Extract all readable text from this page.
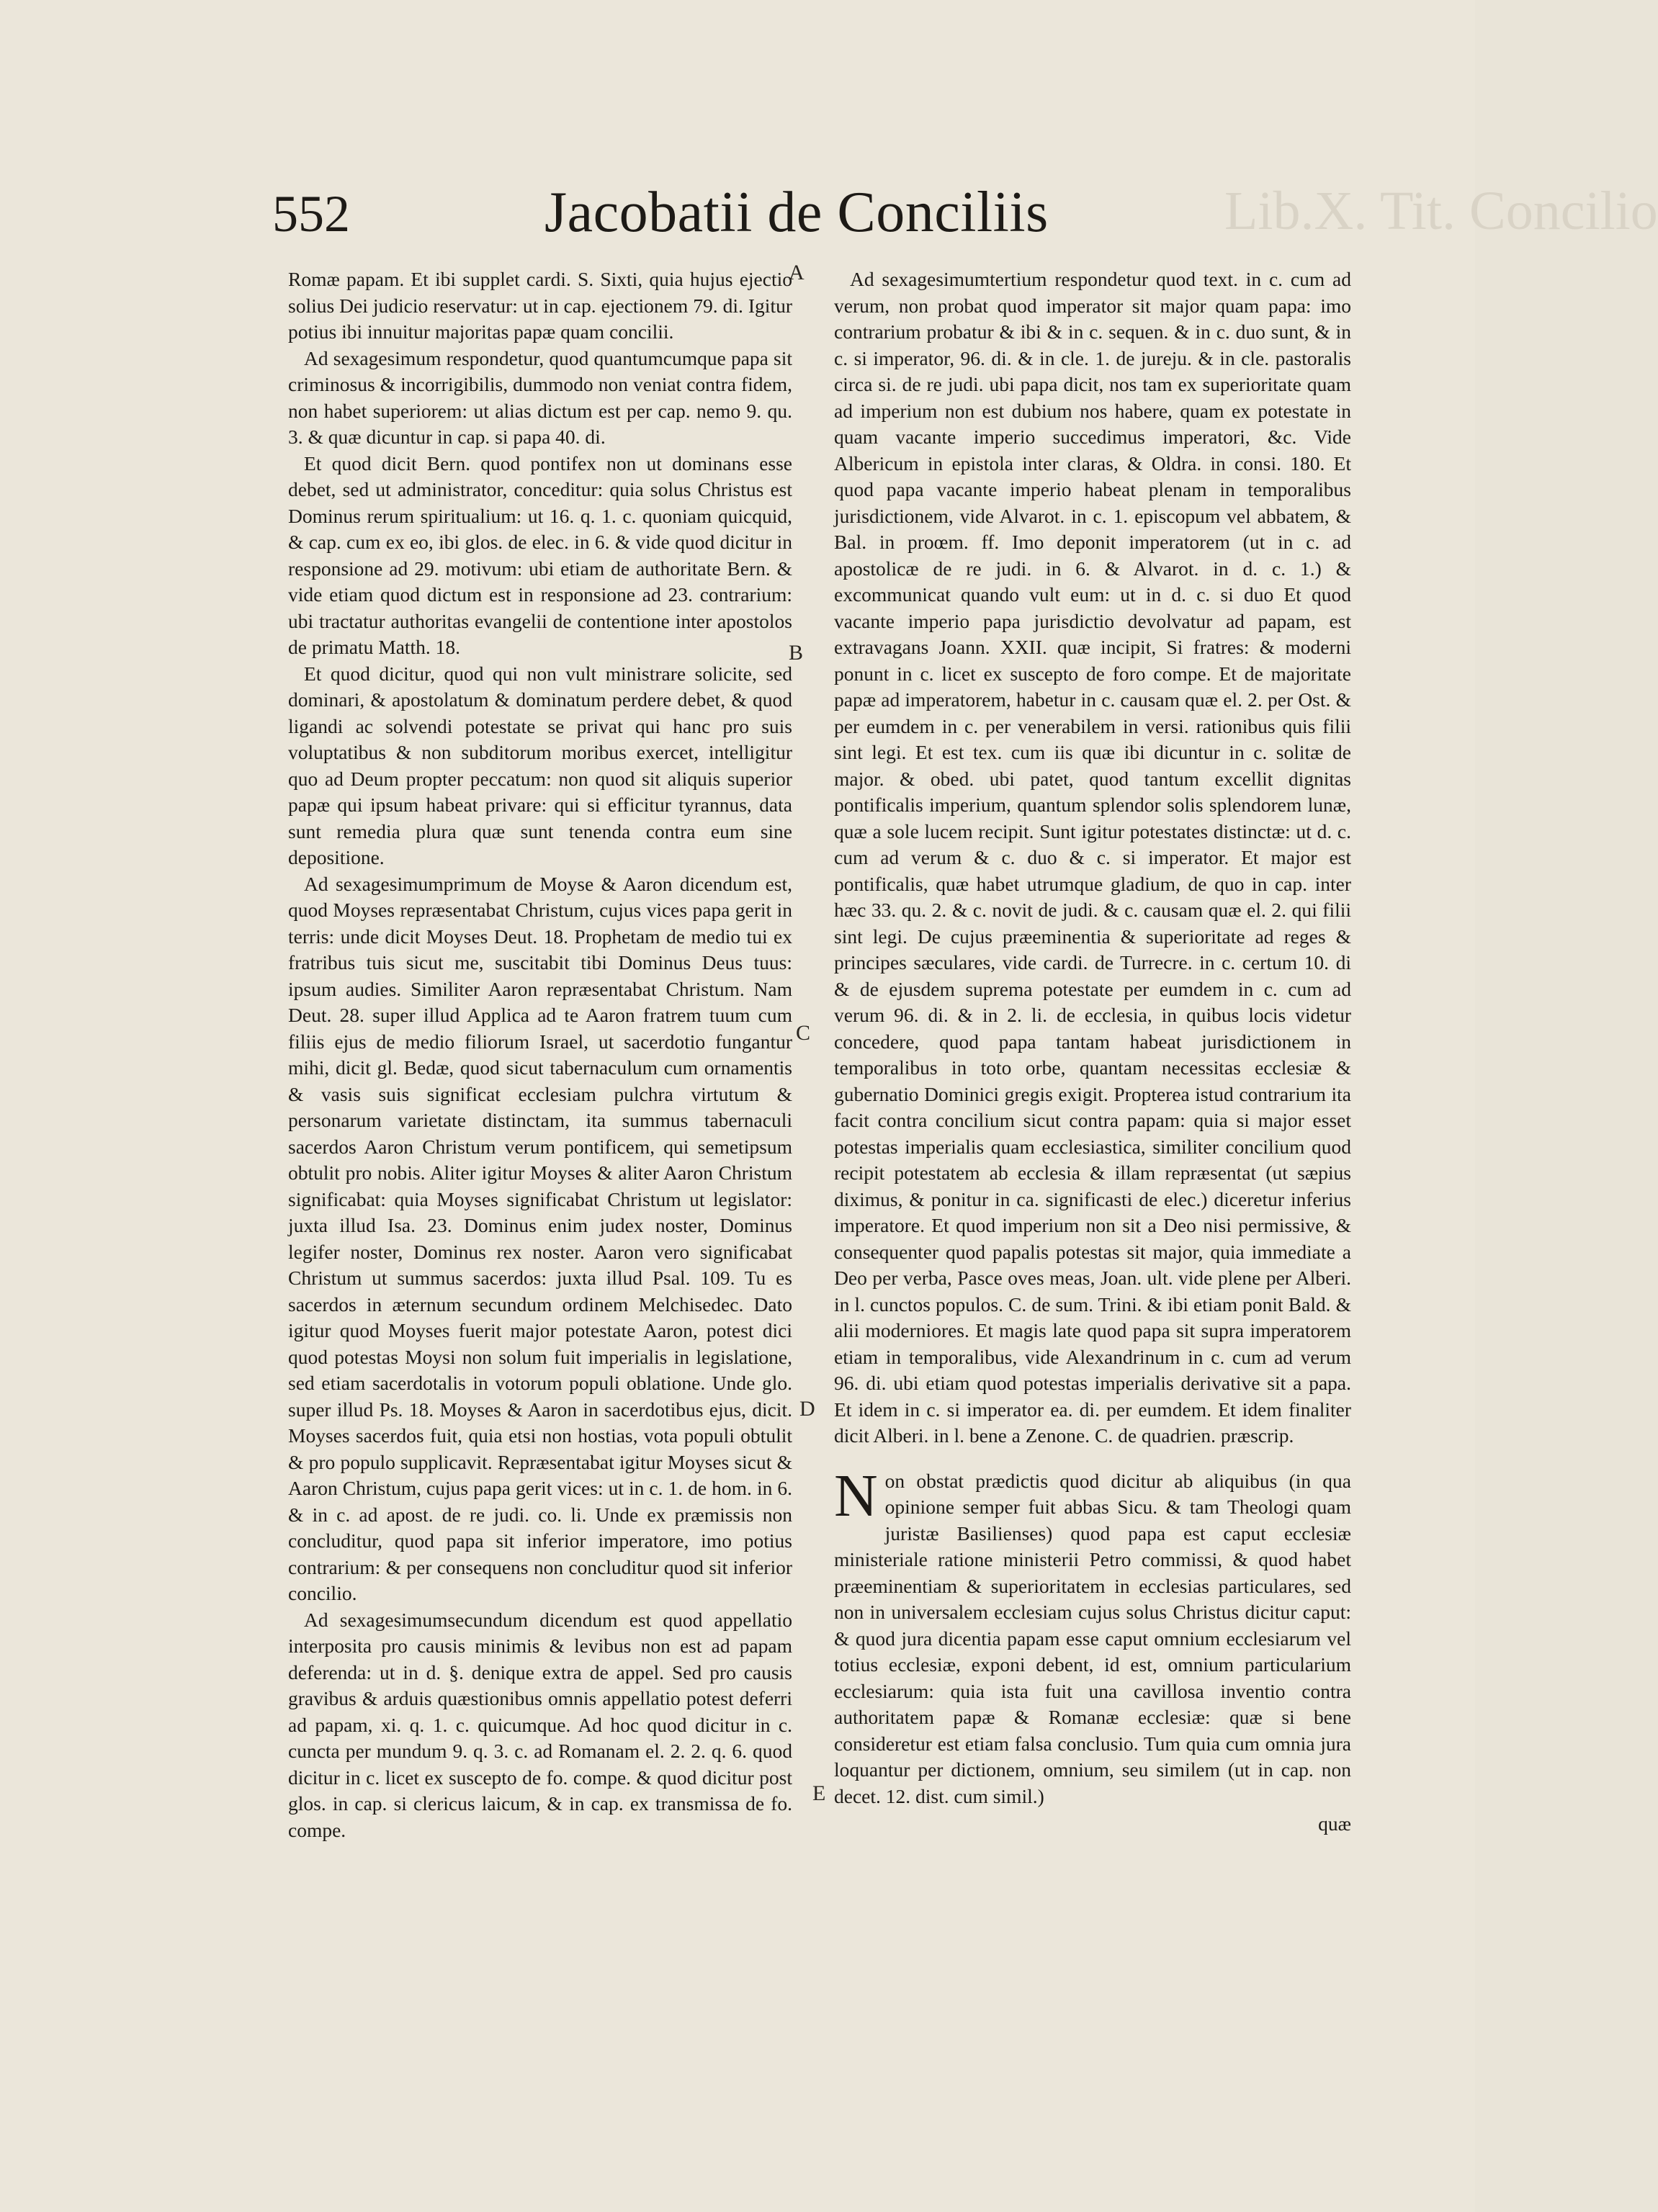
Lib.X. Tit. Concilio
552	Jacobatii de Conciliis

Romæ papam. Et ibi supplet cardi. S. Sixti, quia hujus ejectio solius Dei judicio reservatur: ut in cap. ejectionem 79. di. Igitur potius ibi innuitur majoritas papæ quam concilii.

Ad sexagesimum respondetur, quod quantumcumque papa sit criminosus & incorrigibilis, dummodo non veniat contra fidem, non habet superiorem: ut alias dictum est per cap. nemo 9. qu. 3. & quæ dicuntur in cap. si papa 40. di.

Et quod dicit Bern. quod pontifex non ut dominans esse debet, sed ut administrator, conceditur: quia solus Christus est Dominus rerum spiritualium: ut 16. q. 1. c. quoniam quicquid, & cap. cum ex eo, ibi glos. de elec. in 6. & vide quod dicitur in responsione ad 29. motivum: ubi etiam de authoritate Bern. & vide etiam quod dictum est in responsione ad 23. contrarium: ubi tractatur authoritas evangelii de contentione inter apostolos de primatu Matth. 18.

Et quod dicitur, quod qui non vult ministrare solicite, sed dominari, & apostolatum & dominatum perdere debet, & quod ligandi ac solvendi potestate se privat qui hanc pro suis voluptatibus & non subditorum moribus exercet, intelligitur quo ad Deum propter peccatum: non quod sit aliquis superior papæ qui ipsum habeat privare: qui si efficitur tyrannus, data sunt remedia plura quæ sunt tenenda contra eum sine depositione.

Ad sexagesimumprimum de Moyse & Aaron dicendum est, quod Moyses repræsentabat Christum, cujus vices papa gerit in terris: unde dicit Moyses Deut. 18. Prophetam de medio tui ex fratribus tuis sicut me, suscitabit tibi Dominus Deus tuus: ipsum audies. Similiter Aaron repræsentabat Christum. Nam Deut. 28. super illud Applica ad te Aaron fratrem tuum cum filiis ejus de medio filiorum Israel, ut sacerdotio fungantur mihi, dicit gl. Bedæ, quod sicut tabernaculum cum ornamentis & vasis suis significat ecclesiam pulchra virtutum & personarum varietate distinctam, ita summus tabernaculi sacerdos Aaron Christum verum pontificem, qui semetipsum obtulit pro nobis. Aliter igitur Moyses & aliter Aaron Christum significabat: quia Moyses significabat Christum ut legislator: juxta illud Isa. 23. Dominus enim judex noster, Dominus legifer noster, Dominus rex noster. Aaron vero significabat Christum ut summus sacerdos: juxta illud Psal. 109. Tu es sacerdos in æternum secundum ordinem Melchisedec. Dato igitur quod Moyses fuerit major potestate Aaron, potest dici quod potestas Moysi non solum fuit imperialis in legislatione, sed etiam sacerdotalis in votorum populi oblatione. Unde glo. super illud Ps. 18. Moyses & Aaron in sacerdotibus ejus, dicit. Moyses sacerdos fuit, quia etsi non hostias, vota populi obtulit & pro populo supplicavit. Repræsentabat igitur Moyses sicut & Aaron Christum, cujus papa gerit vices: ut in c. 1. de hom. in 6. & in c. ad apost. de re judi. co. li. Unde ex præmissis non concluditur, quod papa sit inferior imperatore, imo potius contrarium: & per consequens non concluditur quod sit inferior concilio.

Ad sexagesimumsecundum dicendum est quod appellatio interposita pro causis minimis & levibus non est ad papam deferenda: ut in d. §. denique extra de appel. Sed pro causis gravibus & arduis quæstionibus omnis appellatio potest deferri ad papam, xi. q. 1. c. quicumque. Ad hoc quod dicitur in c. cuncta per mundum 9. q. 3. c. ad Romanam el. 2. 2. q. 6. quod dicitur in c. licet ex suscepto de fo. compe. & quod dicitur post glos. in cap. si clericus laicum, & in cap. ex transmissa de fo. compe.

A
B
C
D
E

Ad sexagesimumtertium respondetur quod text. in c. cum ad verum, non probat quod imperator sit major quam papa: imo contrarium probatur & ibi & in c. sequen. & in c. duo sunt, & in c. si imperator, 96. di. & in cle. 1. de jureju. & in cle. pastoralis circa si. de re judi. ubi papa dicit, nos tam ex superioritate quam ad imperium non est dubium nos habere, quam ex potestate in quam vacante imperio succedimus imperatori, &c. Vide Albericum in epistola inter claras, & Oldra. in consi. 180. Et quod papa vacante imperio habeat plenam in temporalibus jurisdictionem, vide Alvarot. in c. 1. episcopum vel abbatem, & Bal. in proœm. ff. Imo deponit imperatorem (ut in c. ad apostolicæ de re judi. in 6. & Alvarot. in d. c. 1.) & excommunicat quando vult eum: ut in d. c. si duo Et quod vacante imperio papa jurisdictio devolvatur ad papam, est extravagans Joann. XXII. quæ incipit, Si fratres: & moderni ponunt in c. licet ex suscepto de foro compe. Et de majoritate papæ ad imperatorem, habetur in c. causam quæ el. 2. per Ost. & per eumdem in c. per venerabilem in versi. rationibus quis filii sint legi. Et est tex. cum iis quæ ibi dicuntur in c. solitæ de major. & obed. ubi patet, quod tantum excellit dignitas pontificalis imperium, quantum splendor solis splendorem lunæ, quæ a sole lucem recipit. Sunt igitur potestates distinctæ: ut d. c. cum ad verum & c. duo & c. si imperator. Et major est pontificalis, quæ habet utrumque gladium, de quo in cap. inter hæc 33. qu. 2. & c. novit de judi. & c. causam quæ el. 2. qui filii sint legi. De cujus præeminentia & superioritate ad reges & principes sæculares, vide cardi. de Turrecre. in c. certum 10. di & de ejusdem suprema potestate per eumdem in c. cum ad verum 96. di. & in 2. li. de ecclesia, in quibus locis videtur concedere, quod papa tantam habeat jurisdictionem in temporalibus in toto orbe, quantam necessitas ecclesiæ & gubernatio Dominici gregis exigit. Propterea istud contrarium ita facit contra concilium sicut contra papam: quia si major esset potestas imperialis quam ecclesiastica, similiter concilium quod recipit potestatem ab ecclesia & illam repræsentat (ut sæpius diximus, & ponitur in ca. significasti de elec.) diceretur inferius imperatore. Et quod imperium non sit a Deo nisi permissive, & consequenter quod papalis potestas sit major, quia immediate a Deo per verba, Pasce oves meas, Joan. ult. vide plene per Alberi. in l. cunctos populos. C. de sum. Trini. & ibi etiam ponit Bald. & alii moderniores. Et magis late quod papa sit supra imperatorem etiam in temporalibus, vide Alexandrinum in c. cum ad verum 96. di. ubi etiam quod potestas imperialis derivative sit a papa. Et idem in c. si imperator ea. di. per eumdem. Et idem finaliter dicit Alberi. in l. bene a Zenone. C. de quadrien. præscrip.

Non obstat prædictis quod dicitur ab aliquibus (in qua opinione semper fuit abbas Sicu. & tam Theologi quam juristæ Basilienses) quod papa est caput ecclesiæ ministeriale ratione ministerii Petro commissi, & quod habet præeminentiam & superioritatem in ecclesias particulares, sed non in universalem ecclesiam cujus solus Christus dicitur caput: & quod jura dicentia papam esse caput omnium ecclesiarum vel totius ecclesiæ, exponi debent, id est, omnium particularium ecclesiarum: quia ista fuit una cavillosa inventio contra authoritatem papæ & Romanæ ecclesiæ: quæ si bene consideretur est etiam falsa conclusio. Tum quia cum omnia jura loquantur per dictionem, omnium, seu similem (ut in cap. non decet. 12. dist. cum simil.)

quæ
